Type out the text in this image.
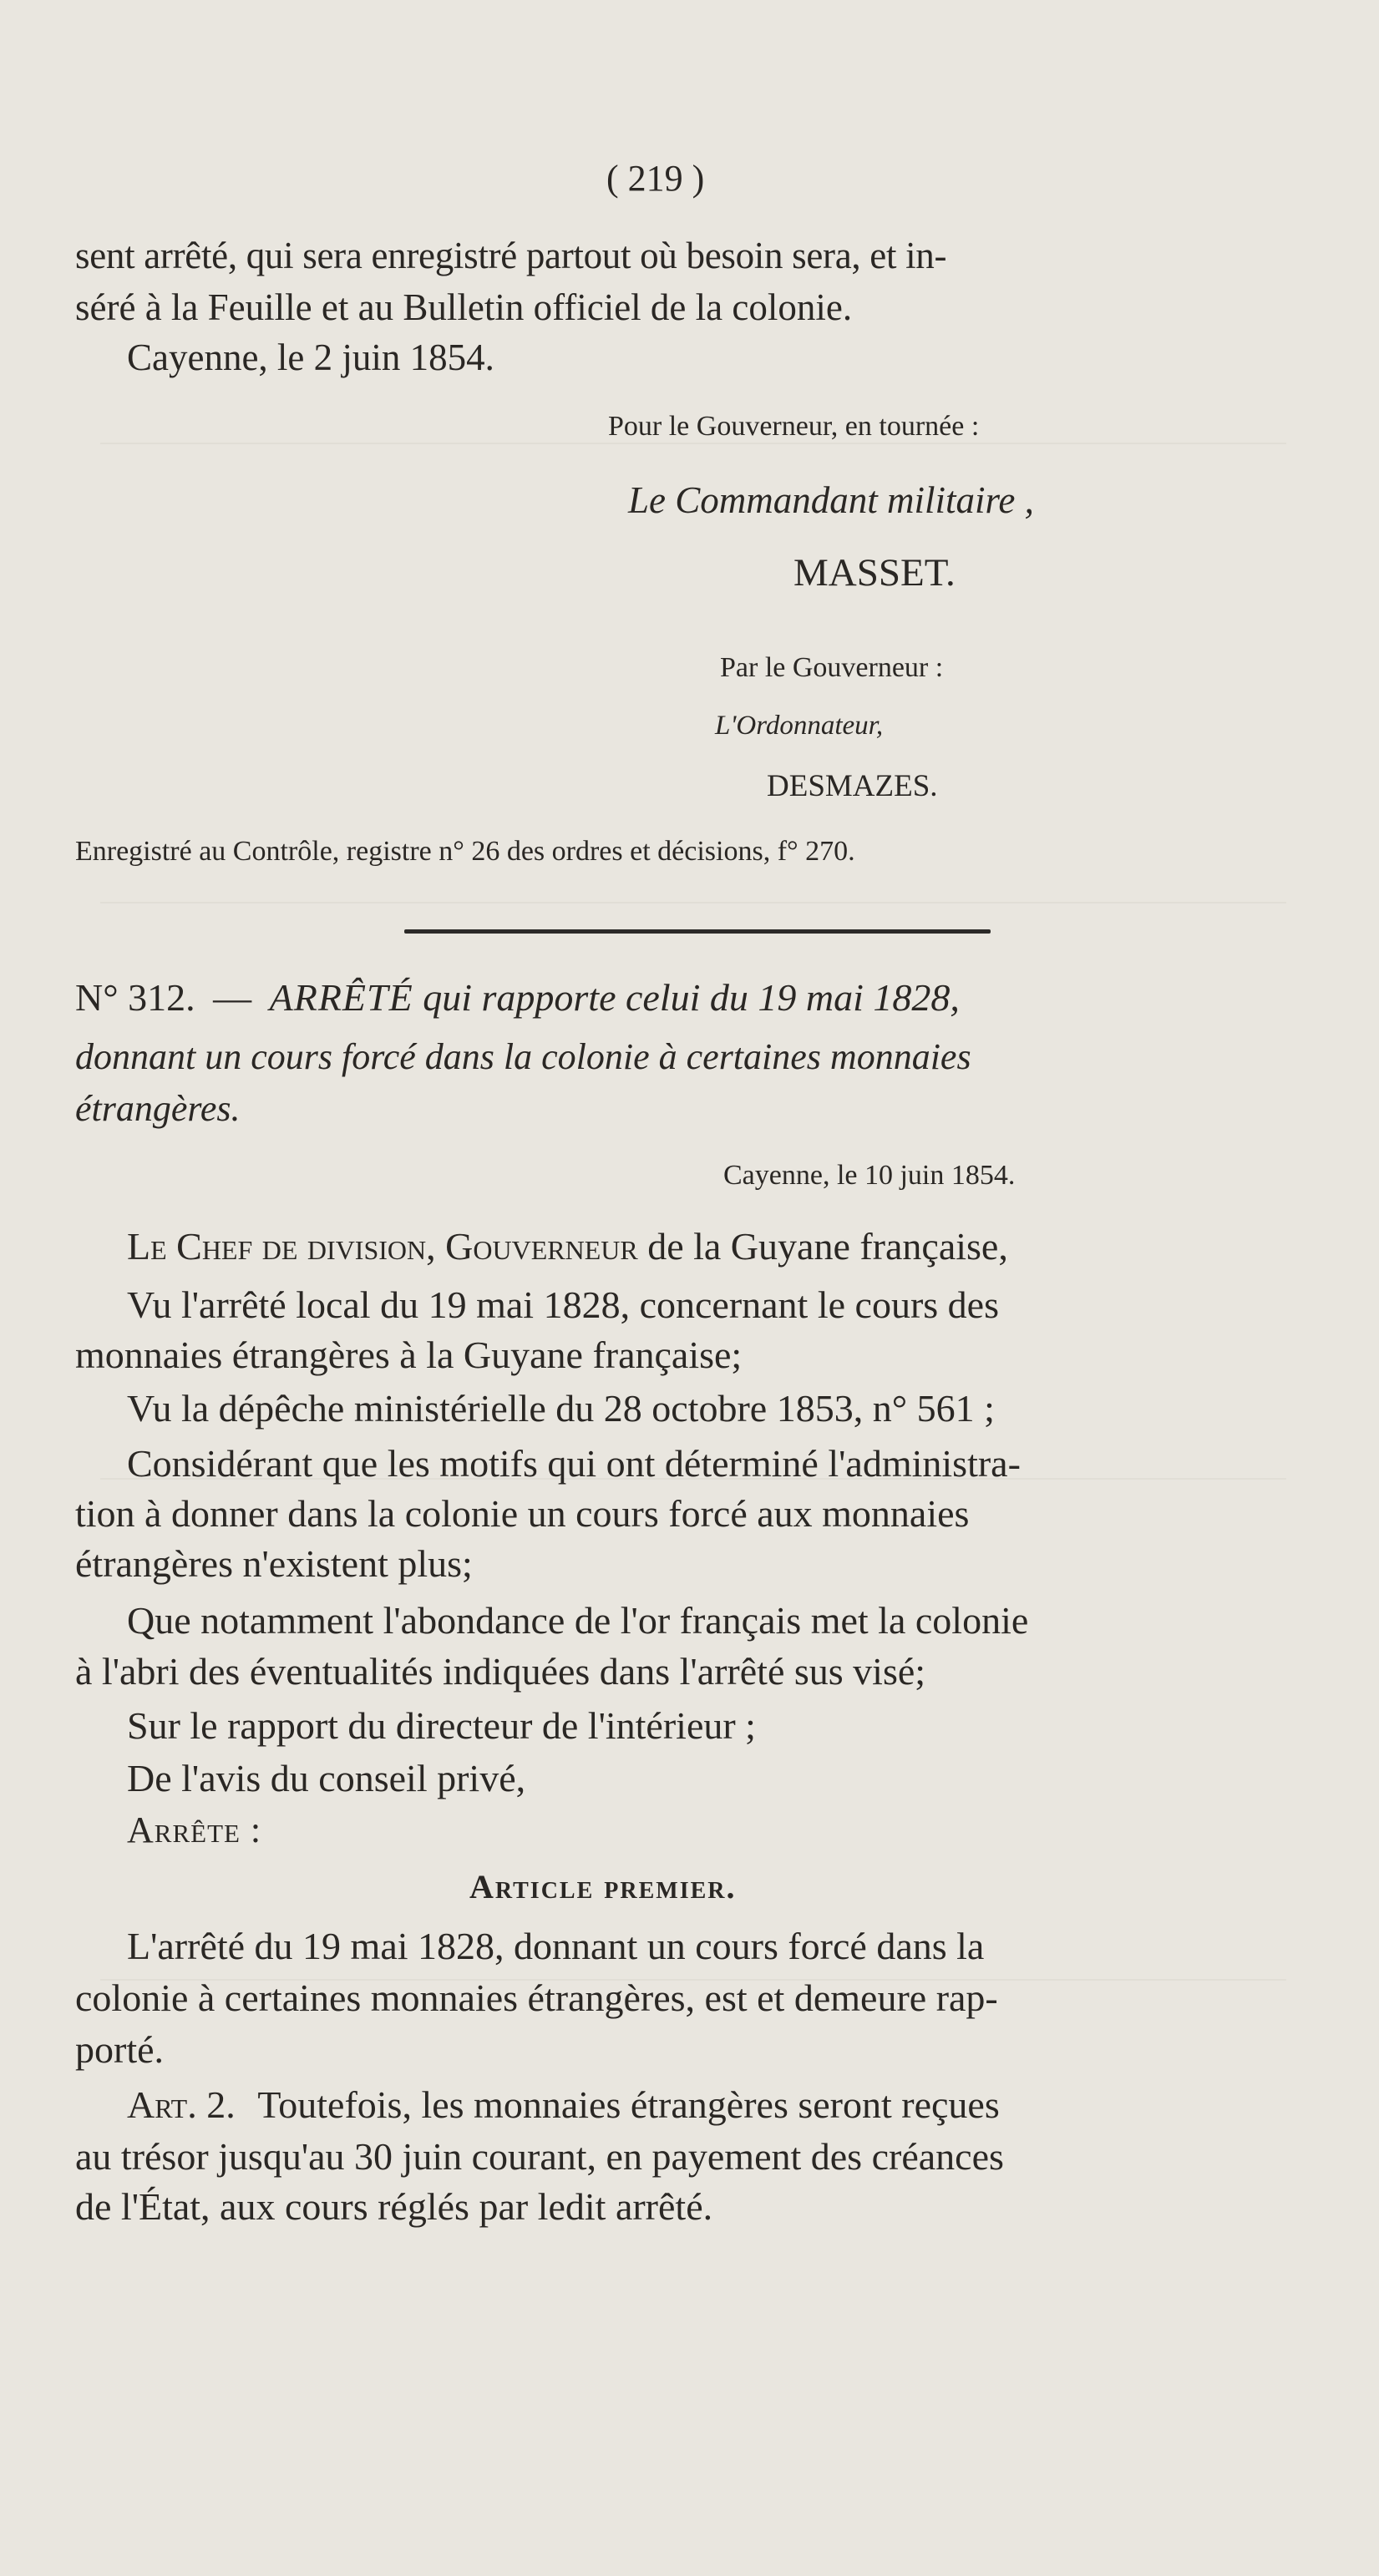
( 219 )
sent arrêté, qui sera enregistré partout où besoin sera, et in-
séré à la Feuille et au Bulletin officiel de la colonie.
Cayenne, le 2 juin 1854.
Pour le Gouverneur, en tournée :
Le Commandant militaire ,
MASSET.
Par le Gouverneur :
L'Ordonnateur,
DESMAZES.
Enregistré au Contrôle, registre n° 26 des ordres et décisions, f° 270.
N° 312. — ARRÊTÉ qui rapporte celui du 19 mai 1828,
donnant un cours forcé dans la colonie à certaines monnaies
étrangères.
Cayenne, le 10 juin 1854.
Le Chef de division, Gouverneur de la Guyane française,
Vu l'arrêté local du 19 mai 1828, concernant le cours des
monnaies étrangères à la Guyane française;
Vu la dépêche ministérielle du 28 octobre 1853, n° 561 ;
Considérant que les motifs qui ont déterminé l'administra-
tion à donner dans la colonie un cours forcé aux monnaies
étrangères n'existent plus;
Que notamment l'abondance de l'or français met la colonie
à l'abri des éventualités indiquées dans l'arrêté sus visé;
Sur le rapport du directeur de l'intérieur ;
De l'avis du conseil privé,
Arrête :
Article premier.
L'arrêté du 19 mai 1828, donnant un cours forcé dans la
colonie à certaines monnaies étrangères, est et demeure rap-
porté.
Art. 2. Toutefois, les monnaies étrangères seront reçues
au trésor jusqu'au 30 juin courant, en payement des créances
de l'État, aux cours réglés par ledit arrêté.
